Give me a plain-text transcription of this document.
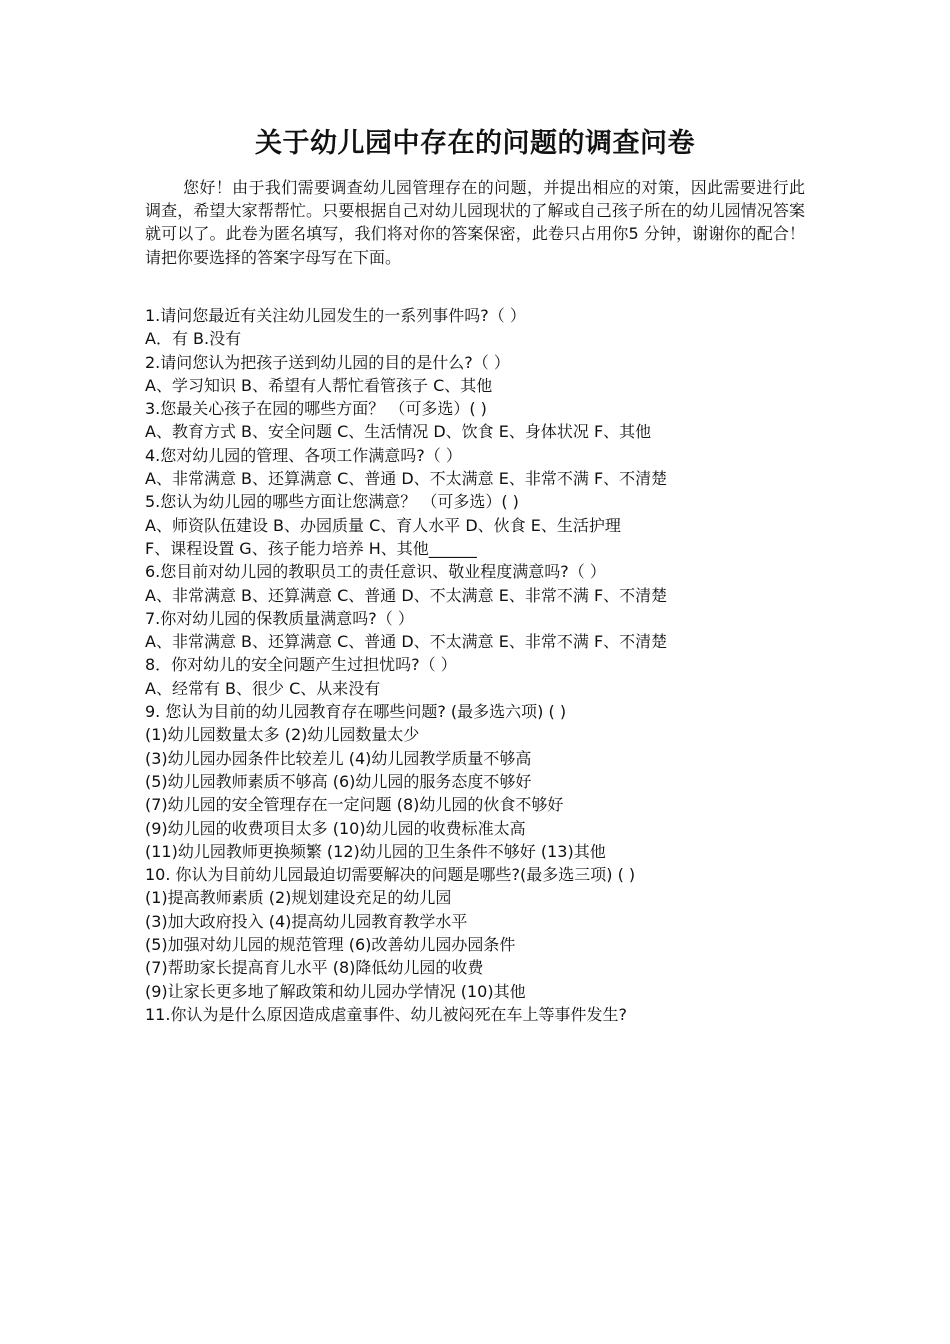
关于幼儿园中存在的问题的调查问卷

您好！由于我们需要调查幼儿园管理存在的问题，并提出相应的对策，因此需要进行此调查，希望大家帮帮忙。只要根据自己对幼儿园现状的了解或自己孩子所在的幼儿园情况答案就可以了。此卷为匿名填写，我们将对你的答案保密，此卷只占用你5 分钟，谢谢你的配合！请把你要选择的答案字母写在下面。

1.请问您最近有关注幼儿园发生的一系列事件吗?（ ）
A．有 B.没有
2.请问您认为把孩子送到幼儿园的目的是什么?（ ）
A、学习知识 B、希望有人帮忙看管孩子 C、其他
3.您最关心孩子在园的哪些方面？ （可多选）( )
A、教育方式 B、安全问题 C、生活情况 D、饮食 E、身体状况 F、其他
4.您对幼儿园的管理、各项工作满意吗?（ ）
A、非常满意 B、还算满意 C、普通 D、不太满意 E、非常不满 F、不清楚
5.您认为幼儿园的哪些方面让您满意？ （可多选）( )
A、师资队伍建设 B、办园质量 C、育人水平 D、伙食 E、生活护理
F、课程设置 G、孩子能力培养 H、其他______
6.您目前对幼儿园的教职员工的责任意识、敬业程度满意吗?（ ）
A、非常满意 B、还算满意 C、普通 D、不太满意 E、非常不满 F、不清楚
7.你对幼儿园的保教质量满意吗?（ ）
A、非常满意 B、还算满意 C、普通 D、不太满意 E、非常不满 F、不清楚
8．你对幼儿的安全问题产生过担忧吗?（ ）
A、经常有 B、很少 C、从来没有
9. 您认为目前的幼儿园教育存在哪些问题? (最多选六项) ( )
(1)幼儿园数量太多 (2)幼儿园数量太少
(3)幼儿园办园条件比较差儿 (4)幼儿园教学质量不够高
(5)幼儿园教师素质不够高 (6)幼儿园的服务态度不够好
(7)幼儿园的安全管理存在一定问题 (8)幼儿园的伙食不够好
(9)幼儿园的收费项目太多 (10)幼儿园的收费标准太高
(11)幼儿园教师更换频繁 (12)幼儿园的卫生条件不够好 (13)其他
10. 你认为目前幼儿园最迫切需要解决的问题是哪些?(最多选三项) ( )
(1)提高教师素质 (2)规划建设充足的幼儿园
(3)加大政府投入 (4)提高幼儿园教育教学水平
(5)加强对幼儿园的规范管理 (6)改善幼儿园办园条件
(7)帮助家长提高育儿水平 (8)降低幼儿园的收费
(9)让家长更多地了解政策和幼儿园办学情况 (10)其他
11.你认为是什么原因造成虐童事件、幼儿被闷死在车上等事件发生?
